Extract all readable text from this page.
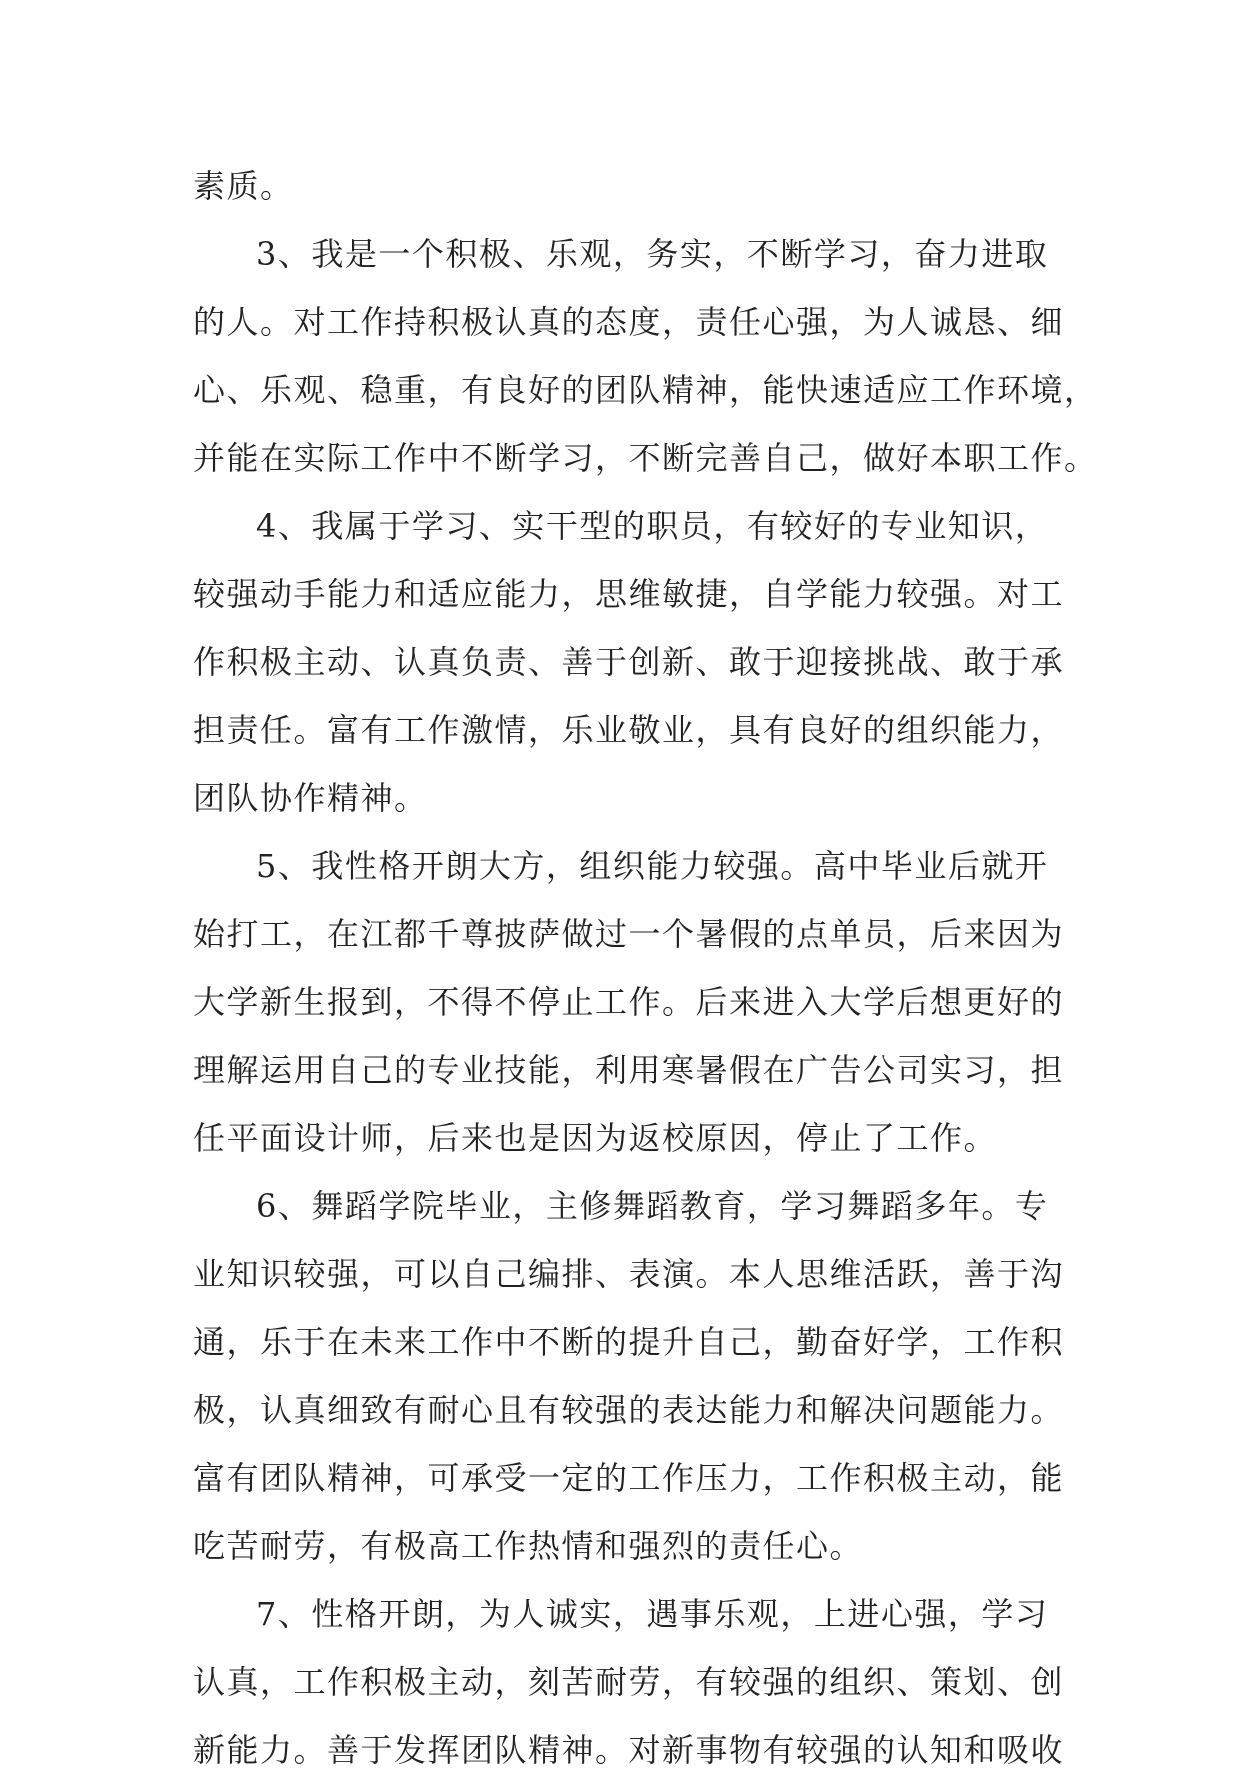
素质。
3、我是一个积极、乐观，务实，不断学习，奋力进取
的人。对工作持积极认真的态度，责任心强，为人诚恳、细
心、乐观、稳重，有良好的团队精神，能快速适应工作环境，
并能在实际工作中不断学习，不断完善自己，做好本职工作。
4、我属于学习、实干型的职员，有较好的专业知识，
较强动手能力和适应能力，思维敏捷，自学能力较强。对工
作积极主动、认真负责、善于创新、敢于迎接挑战、敢于承
担责任。富有工作激情，乐业敬业，具有良好的组织能力，
团队协作精神。
5、我性格开朗大方，组织能力较强。高中毕业后就开
始打工，在江都千尊披萨做过一个暑假的点单员，后来因为
大学新生报到，不得不停止工作。后来进入大学后想更好的
理解运用自己的专业技能，利用寒暑假在广告公司实习，担
任平面设计师，后来也是因为返校原因，停止了工作。
6、舞蹈学院毕业，主修舞蹈教育，学习舞蹈多年。专
业知识较强，可以自己编排、表演。本人思维活跃，善于沟
通，乐于在未来工作中不断的提升自己，勤奋好学，工作积
极，认真细致有耐心且有较强的表达能力和解决问题能力。
富有团队精神，可承受一定的工作压力，工作积极主动，能
吃苦耐劳，有极高工作热情和强烈的责任心。
7、性格开朗，为人诚实，遇事乐观，上进心强，学习
认真，工作积极主动，刻苦耐劳，有较强的组织、策划、创
新能力。善于发挥团队精神。对新事物有较强的认知和吸收
